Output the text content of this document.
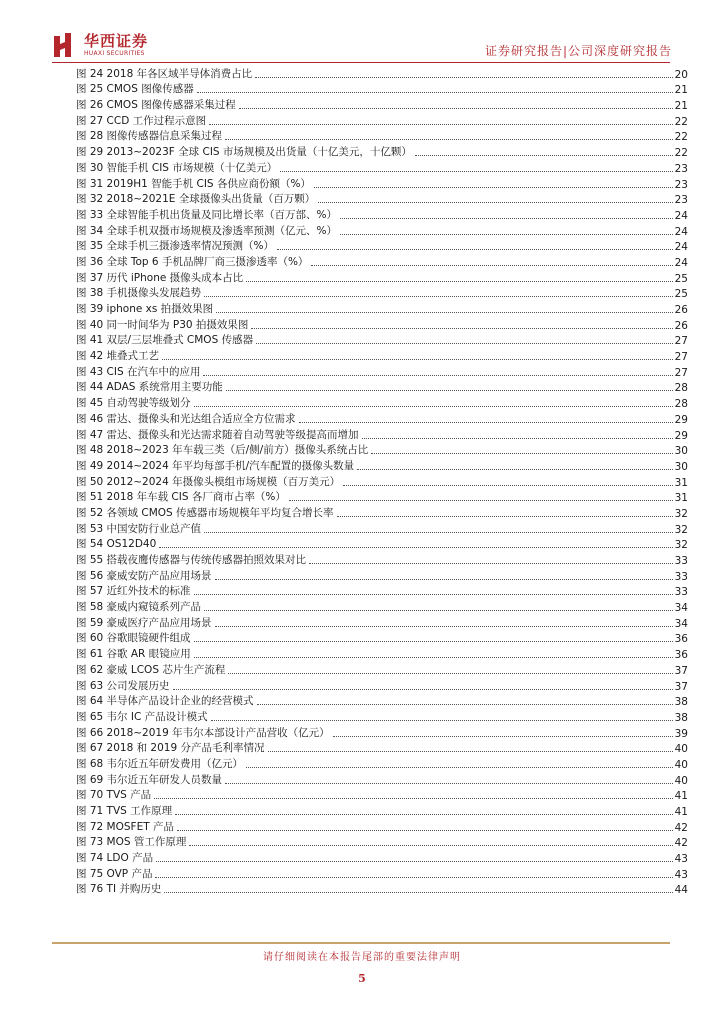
华西证券
HUAXI SECURITIES	证券研究报告|公司深度研究报告
图 24 2018 年各区域半导体消费占比	20
图 25 CMOS 图像传感器	21
图 26 CMOS 图像传感器采集过程	21
图 27 CCD 工作过程示意图	22
图 28 图像传感器信息采集过程	22
图 29 2013~2023F 全球 CIS 市场规模及出货量（十亿美元，十亿颗）	22
图 30 智能手机 CIS 市场规模（十亿美元）	23
图 31 2019H1 智能手机 CIS 各供应商份额（%）	23
图 32 2018~2021E 全球摄像头出货量（百万颗）	23
图 33 全球智能手机出货量及同比增长率（百万部、%）	24
图 34 全球手机双摄市场规模及渗透率预测（亿元、%）	24
图 35 全球手机三摄渗透率情况预测（%）	24
图 36 全球 Top 6 手机品牌厂商三摄渗透率（%）	24
图 37 历代 iPhone 摄像头成本占比	25
图 38 手机摄像头发展趋势	25
图 39 iphone xs 拍摄效果图	26
图 40 同一时间华为 P30 拍摄效果图	26
图 41 双层/三层堆叠式 CMOS 传感器	27
图 42 堆叠式工艺	27
图 43 CIS 在汽车中的应用	27
图 44 ADAS 系统常用主要功能	28
图 45 自动驾驶等级划分	28
图 46 雷达、摄像头和光达组合适应全方位需求	29
图 47 雷达、摄像头和光达需求随着自动驾驶等级提高而增加	29
图 48 2018~2023 年车载三类（后/侧/前方）摄像头系统占比	30
图 49 2014~2024 年平均每部手机/汽车配置的摄像头数量	30
图 50 2012~2024 年摄像头模组市场规模（百万美元）	31
图 51 2018 年车载 CIS 各厂商市占率（%）	31
图 52 各领域 CMOS 传感器市场规模年平均复合增长率	32
图 53 中国安防行业总产值	32
图 54 OS12D40	32
图 55 搭载夜鹰传感器与传统传感器拍照效果对比	33
图 56 豪威安防产品应用场景	33
图 57 近红外技术的标准	33
图 58 豪威内窥镜系列产品	34
图 59 豪威医疗产品应用场景	34
图 60 谷歌眼镜硬件组成	36
图 61 谷歌 AR 眼镜应用	36
图 62 豪威 LCOS 芯片生产流程	37
图 63 公司发展历史	37
图 64 半导体产品设计企业的经营模式	38
图 65 韦尔 IC 产品设计模式	38
图 66 2018~2019 年韦尔本部设计产品营收（亿元）	39
图 67 2018 和 2019 分产品毛利率情况	40
图 68 韦尔近五年研发费用（亿元）	40
图 69 韦尔近五年研发人员数量	40
图 70 TVS 产品	41
图 71 TVS 工作原理	41
图 72 MOSFET 产品	42
图 73 MOS 管工作原理	42
图 74 LDO 产品	43
图 75 OVP 产品	43
图 76 TI 并购历史	44
请仔细阅读在本报告尾部的重要法律声明
5
